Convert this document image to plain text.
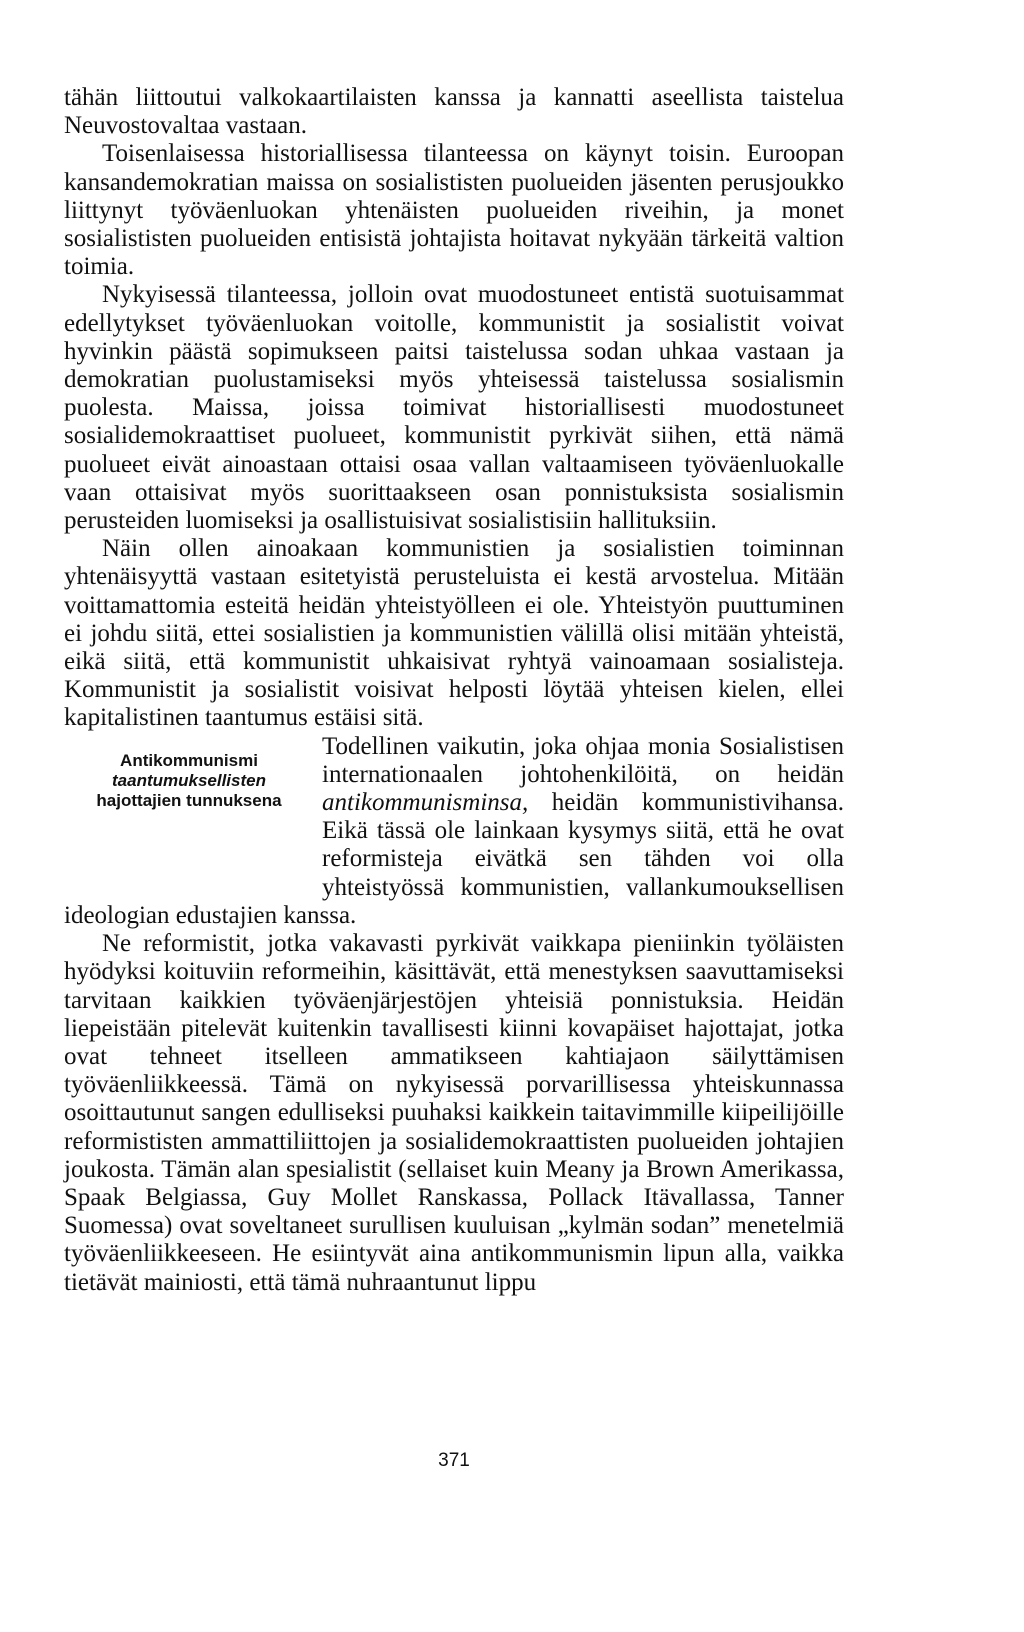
tähän liittoutui valkokaartilaisten kanssa ja kannatti aseellista taistelua Neuvostovaltaa vastaan.

Toisenlaisessa historiallisessa tilanteessa on käynyt toisin. Euroopan kansandemokratian maissa on sosialististen puolueiden jäsenten perusjoukko liittynyt työväenluokan yhtenäisten puolueiden riveihin, ja monet sosialististen puolueiden entisistä johtajista hoitavat nykyään tärkeitä valtion toimia.

Nykyisessä tilanteessa, jolloin ovat muodostuneet entistä suotuisammat edellytykset työväenluokan voitolle, kommunistit ja sosialistit voivat hyvinkin päästä sopimukseen paitsi taistelussa sodan uhkaa vastaan ja demokratian puolustamiseksi myös yhteisessä taistelussa sosialismin puolesta. Maissa, joissa toimivat historiallisesti muodostuneet sosialidemokraattiset puolueet, kommunistit pyrkivät siihen, että nämä puolueet eivät ainoastaan ottaisi osaa vallan valtaamiseen työväenluokalle vaan ottaisivat myös suorittaakseen osan ponnistuksista sosialismin perusteiden luomiseksi ja osallistuisivat sosialistisiin hallituksiin.

Näin ollen ainoakaan kommunistien ja sosialistien toiminnan yhtenäisyyttä vastaan esitetyistä perusteluista ei kestä arvostelua. Mitään voittamattomia esteitä heidän yhteistyölleen ei ole. Yhteistyön puuttuminen ei johdu siitä, ettei sosialistien ja kommunistien välillä olisi mitään yhteistä, eikä siitä, että kommunistit uhkaisivat ryhtyä vainoamaan sosialisteja. Kommunistit ja sosialistit voisivat helposti löytää yhteisen kielen, ellei kapitalistinen taantumus estäisi sitä.

Antikommunismi
taantumuksellisten
hajottajien tunnuksena

Todellinen vaikutin, joka ohjaa monia Sosialistisen internationaalen johtohenkilöitä, on heidän antikommunisminsa, heidän kommunistivihansa. Eikä tässä ole lainkaan kysymys siitä, että he ovat reformisteja eivätkä sen tähden voi olla yhteistyössä kommunistien, vallankumouksellisen ideologian edustajien kanssa.

Ne reformistit, jotka vakavasti pyrkivät vaikkapa pieniinkin työläisten hyödyksi koituviin reformeihin, käsittävät, että menestyksen saavuttamiseksi tarvitaan kaikkien työväenjärjestöjen yhteisiä ponnistuksia. Heidän liepeistään pitelevät kuitenkin tavallisesti kiinni kovapäiset hajottajat, jotka ovat tehneet itselleen ammatikseen kahtiajaon säilyttämisen työväenliikkeessä. Tämä on nykyisessä porvarillisessa yhteiskunnassa osoittautunut sangen edulliseksi puuhaksi kaikkein taitavimmille kiipeilijöille reformististen ammattiliittojen ja sosialidemokraattisten puolueiden johtajien joukosta. Tämän alan spesialistit (sellaiset kuin Meany ja Brown Amerikassa, Spaak Belgiassa, Guy Mollet Ranskassa, Pollack Itävallassa, Tanner Suomessa) ovat soveltaneet surullisen kuuluisan „kylmän sodan” menetelmiä työväenliikkeeseen. He esiintyvät aina antikommunismin lipun alla, vaikka tietävät mainiosti, että tämä nuhraantunut lippu

371
